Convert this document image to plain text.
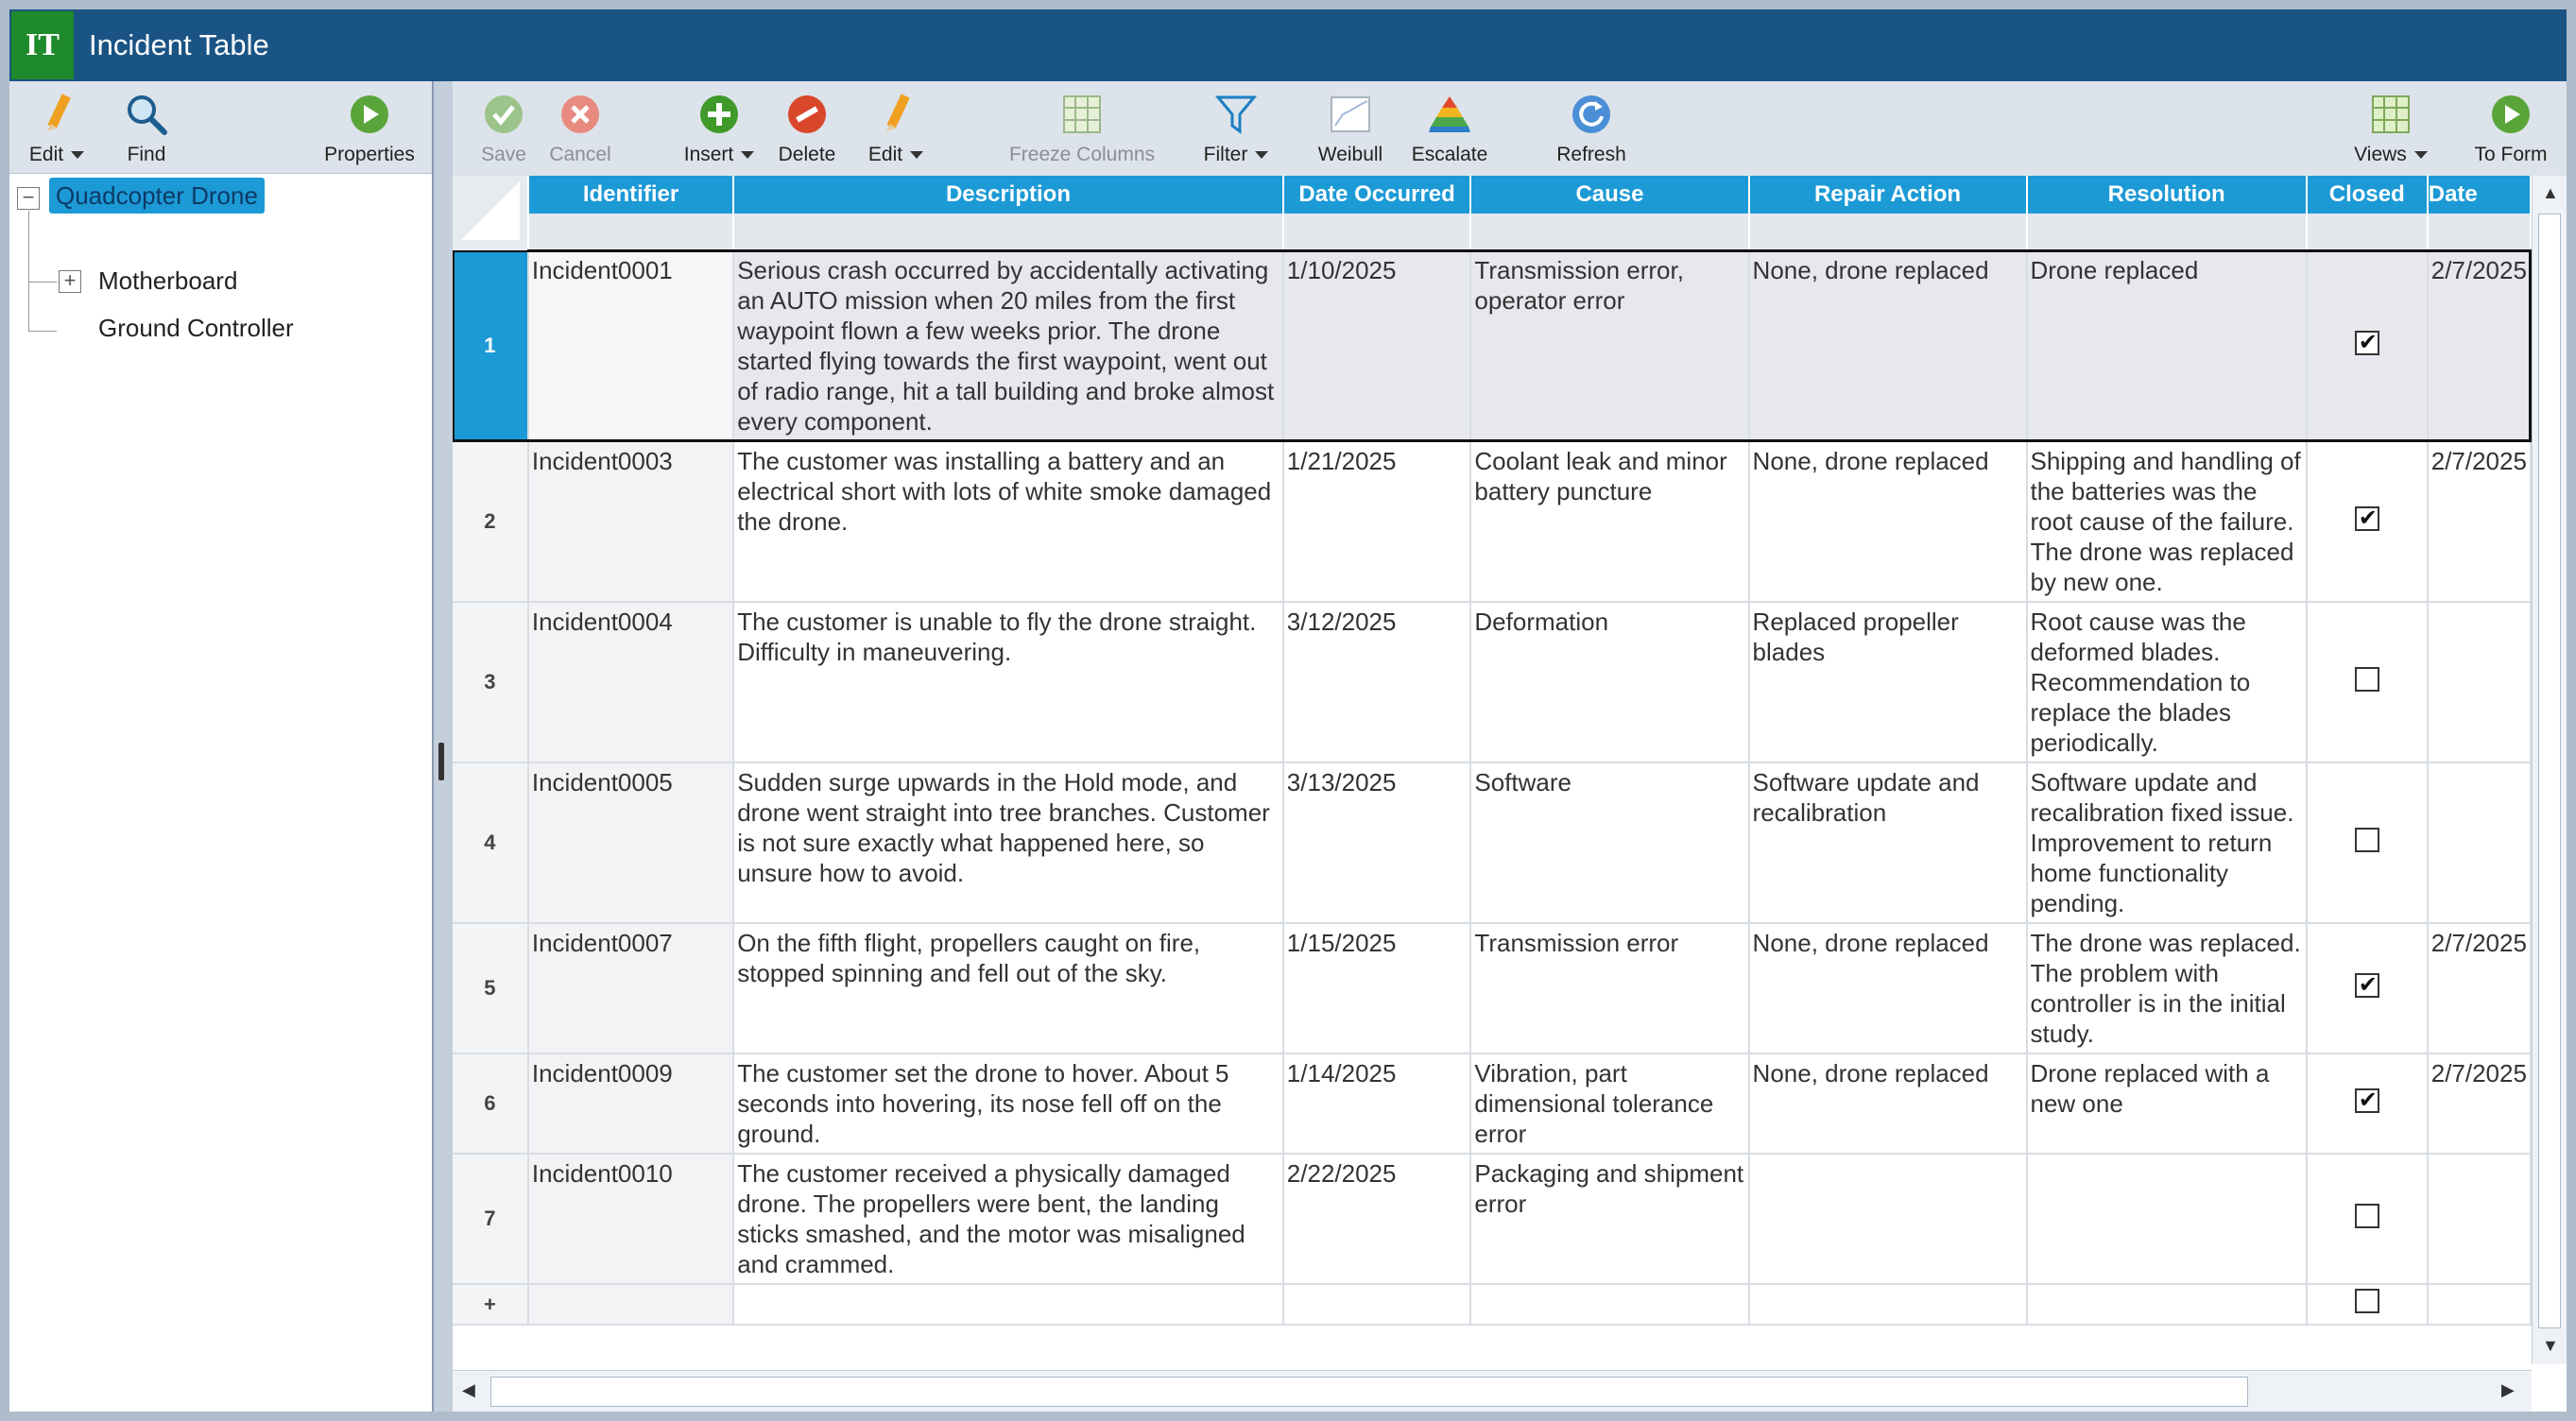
IT	Incident Table
Edit	Find	Properties
− Quadcopter Drone
+ Motherboard
Ground Controller
Save Cancel	Insert	Delete Edit	Freeze Columns Filter	Weibull Escalate	Refresh	Views	To Form
	Identifier	Description	Date Occurred	Cause	Repair Action	Resolution	Closed	Date

1	Incident0001	Serious crash occurred by accidentally activating an AUTO mission when 20 miles from the first waypoint flown a few weeks prior. The drone started flying towards the first waypoint, went out of radio range, hit a tall building and broke almost every component.	1/10/2025	Transmission error, operator error	None, drone replaced	Drone replaced	✔	2/7/2025
2	Incident0003	The customer was installing a battery and an electrical short with lots of white smoke damaged the drone.	1/21/2025	Coolant leak and minor battery puncture	None, drone replaced	Shipping and handling of the batteries was the root cause of the failure. The drone was replaced by new one.	✔	2/7/2025
3	Incident0004	The customer is unable to fly the drone straight. Difficulty in maneuvering.	3/12/2025	Deformation	Replaced propeller blades	Root cause was the deformed blades. Recommendation to replace the blades periodically.		
4	Incident0005	Sudden surge upwards in the Hold mode, and drone went straight into tree branches. Customer is not sure exactly what happened here, so unsure how to avoid.	3/13/2025	Software	Software update and recalibration	Software update and recalibration fixed issue. Improvement to return home functionality pending.		
5	Incident0007	On the fifth flight, propellers caught on fire, stopped spinning and fell out of the sky.	1/15/2025	Transmission error	None, drone replaced	The drone was replaced. The problem with controller is in the initial study.	✔	2/7/2025
6	Incident0009	The customer set the drone to hover. About 5 seconds into hovering, its nose fell off on the ground.	1/14/2025	Vibration, part dimensional tolerance error	None, drone replaced	Drone replaced with a new one	✔	2/7/2025
7	Incident0010	The customer received a physically damaged drone. The propellers were bent, the landing sticks smashed, and the motor was misaligned and crammed.	2/22/2025	Packaging and shipment error				
+								
▲
▼
◀	▶
